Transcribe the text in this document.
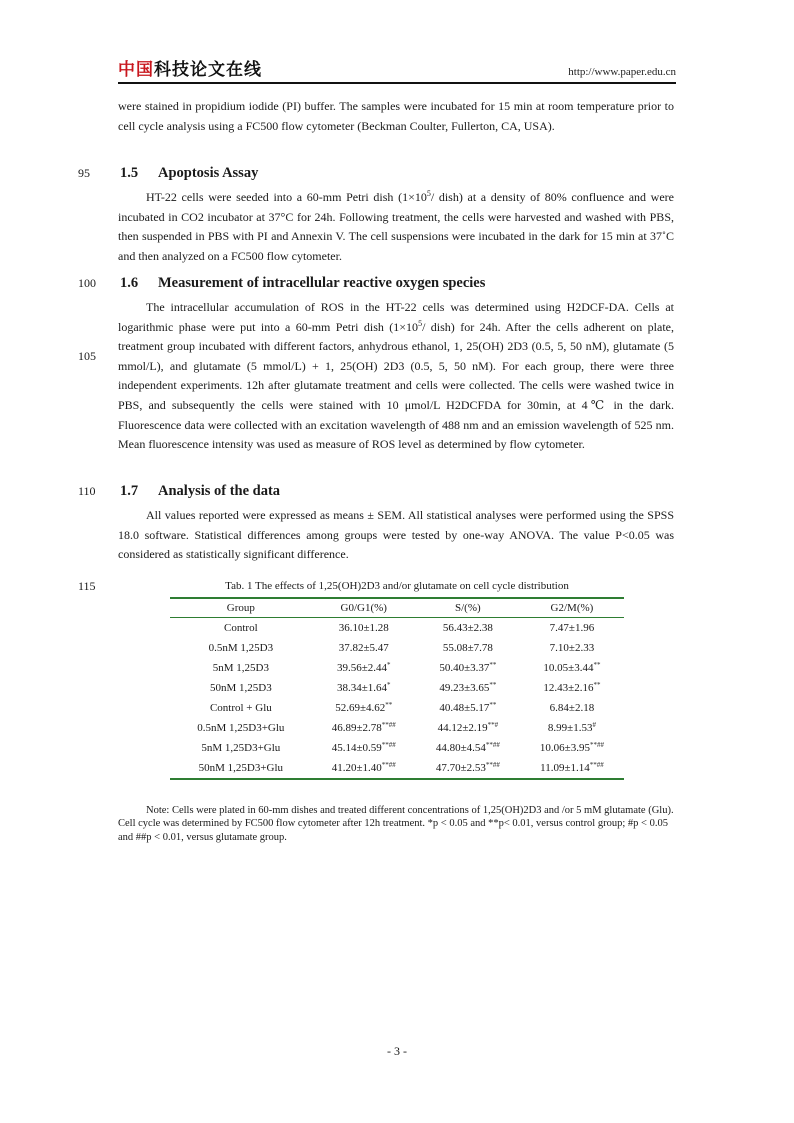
中国科技论文在线	http://www.paper.edu.cn
were stained in propidium iodide (PI) buffer. The samples were incubated for 15 min at room temperature prior to cell cycle analysis using a FC500 flow cytometer (Beckman Coulter, Fullerton, CA, USA).
95
100
105
110
115
1.5 Apoptosis Assay
HT-22 cells were seeded into a 60-mm Petri dish ($1\times 10^5/$ dish) at a density of 80% confluence and were incubated in CO2 incubator at 37°C for 24h. Following treatment, the cells were harvested and washed with PBS, then suspended in PBS with PI and Annexin V. The cell suspensions were incubated in the dark for 15 min at 37˚C and then analyzed on a FC500 flow cytometer.
1.6 Measurement of intracellular reactive oxygen species
The intracellular accumulation of ROS in the HT-22 cells was determined using H2DCF-DA. Cells at logarithmic phase were put into a 60-mm Petri dish ($1\times 10^5/$ dish) for 24h. After the cells adherent on plate, treatment group incubated with different factors, anhydrous ethanol, 1, 25(OH) 2D3 (0.5, 5, 50 nM), glutamate (5 mmol/L), and glutamate (5 mmol/L) + 1, 25(OH) 2D3 (0.5, 5, 50 nM). For each group, there were three independent experiments. 12h after glutamate treatment and cells were collected. The cells were washed twice in PBS, and subsequently the cells were stained with 10 μmol/L H2DCFDA for 30min, at 4℃ in the dark. Fluorescence data were collected with an excitation wavelength of 488 nm and an emission wavelength of 525 nm. Mean fluorescence intensity was used as measure of ROS level as determined by flow cytometer.
1.7 Analysis of the data
All values reported were expressed as means ± SEM. All statistical analyses were performed using the SPSS 18.0 software. Statistical differences among groups were tested by one-way ANOVA. The value P<0.05 was considered as statistically significant difference.
Tab. 1 The effects of 1,25(OH)2D3 and/or glutamate on cell cycle distribution
Group	G0/G1(%)	S/(%)	G2/M(%)
Control	36.10±1.28	56.43±2.38	7.47±1.96
0.5nM 1,25D3	37.82±5.47	55.08±7.78	7.10±2.33
5nM 1,25D3	39.56±2.44*	50.40±3.37**	10.05±3.44**
50nM 1,25D3	38.34±1.64*	49.23±3.65**	12.43±2.16**
Control + Glu	52.69±4.62**	40.48±5.17**	6.84±2.18
0.5nM 1,25D3+Glu	46.89±2.78**##	44.12±2.19**#	8.99±1.53#
5nM 1,25D3+Glu	45.14±0.59**##	44.80±4.54**##	10.06±3.95**##
50nM 1,25D3+Glu	41.20±1.40**##	47.70±2.53**##	11.09±1.14**##
Note: Cells were plated in 60-mm dishes and treated different concentrations of 1,25(OH)2D3 and /or 5 mM glutamate (Glu). Cell cycle was determined by FC500 flow cytometer after 12h treatment. *p < 0.05 and **p< 0.01, versus control group; #p < 0.05 and ##p < 0.01, versus glutamate group.
- 3 -
